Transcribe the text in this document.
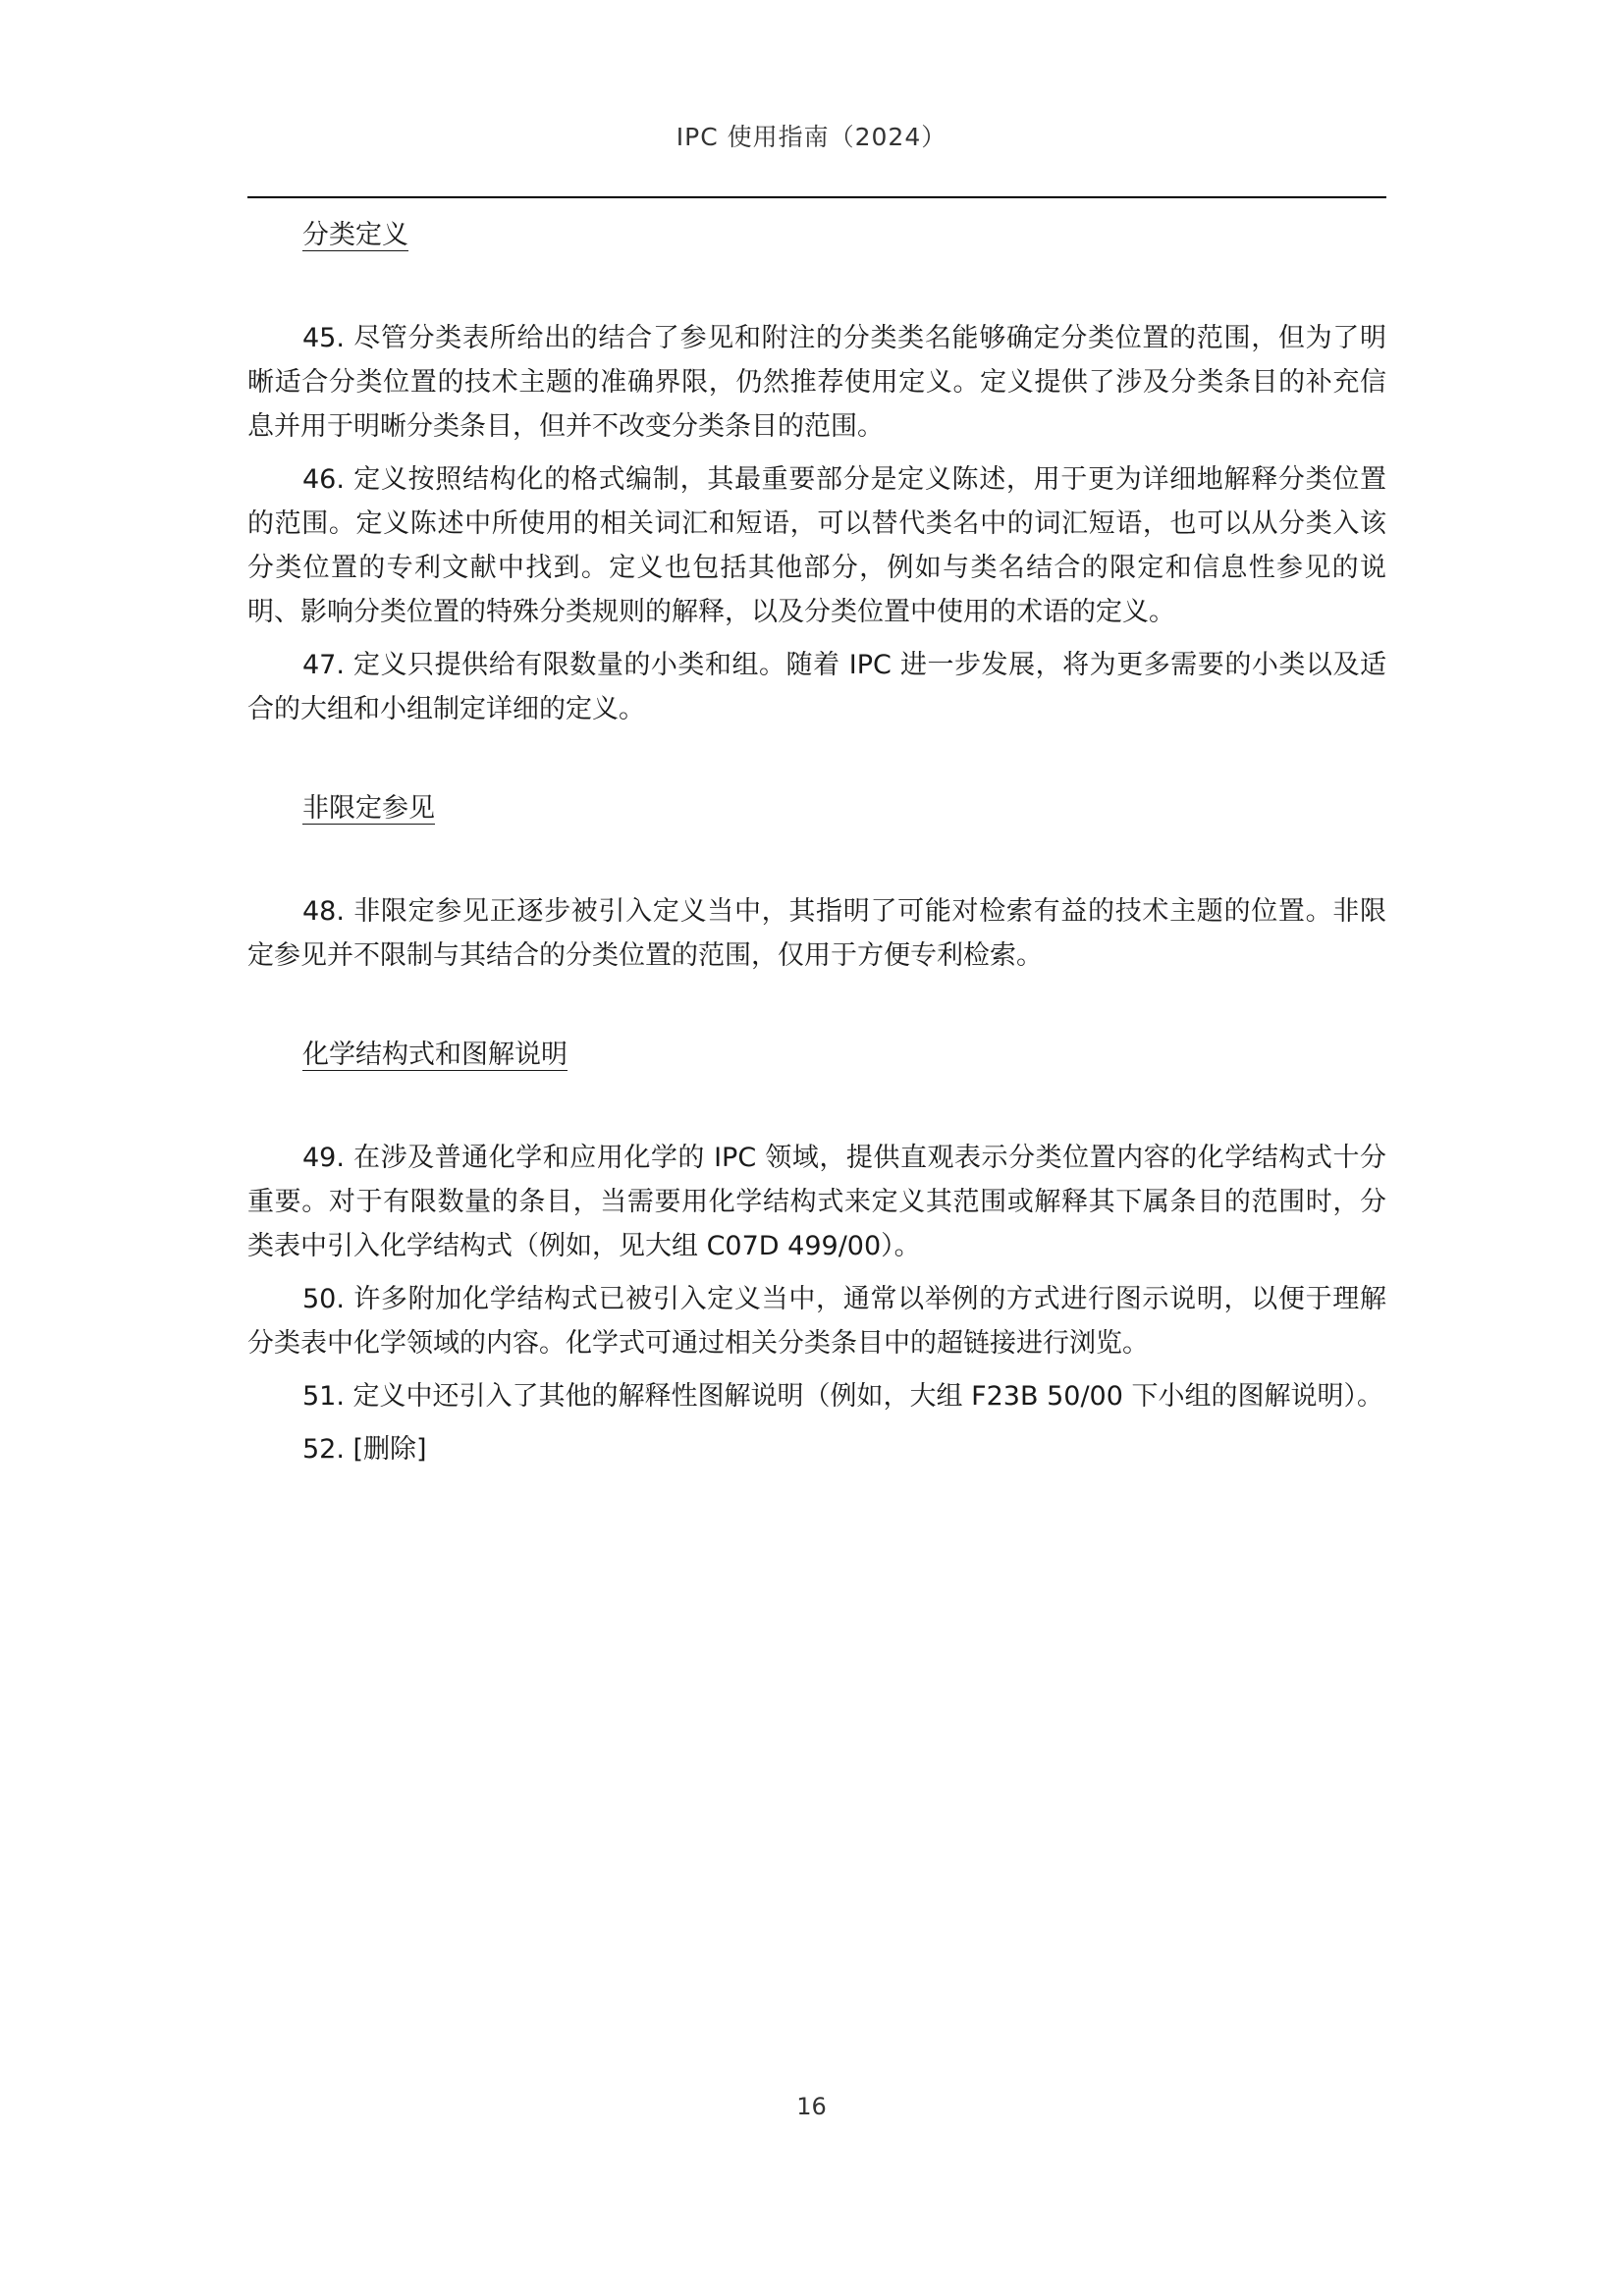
IPC 使用指南（2024）
分类定义

45. 尽管分类表所给出的结合了参见和附注的分类类名能够确定分类位置的范围，但为了明晰适合分类位置的技术主题的准确界限，仍然推荐使用定义。定义提供了涉及分类条目的补充信息并用于明晰分类条目，但并不改变分类条目的范围。

46. 定义按照结构化的格式编制，其最重要部分是定义陈述，用于更为详细地解释分类位置的范围。定义陈述中所使用的相关词汇和短语，可以替代类名中的词汇短语，也可以从分类入该分类位置的专利文献中找到。定义也包括其他部分，例如与类名结合的限定和信息性参见的说明、影响分类位置的特殊分类规则的解释，以及分类位置中使用的术语的定义。

47. 定义只提供给有限数量的小类和组。随着 IPC 进一步发展，将为更多需要的小类以及适合的大组和小组制定详细的定义。

非限定参见

48. 非限定参见正逐步被引入定义当中，其指明了可能对检索有益的技术主题的位置。非限定参见并不限制与其结合的分类位置的范围，仅用于方便专利检索。

化学结构式和图解说明

49. 在涉及普通化学和应用化学的 IPC 领域，提供直观表示分类位置内容的化学结构式十分重要。对于有限数量的条目，当需要用化学结构式来定义其范围或解释其下属条目的范围时，分类表中引入化学结构式（例如，见大组 C07D 499/00）。

50. 许多附加化学结构式已被引入定义当中，通常以举例的方式进行图示说明，以便于理解分类表中化学领域的内容。化学式可通过相关分类条目中的超链接进行浏览。

51. 定义中还引入了其他的解释性图解说明（例如，大组 F23B 50/00 下小组的图解说明）。

52. [删除]

16
